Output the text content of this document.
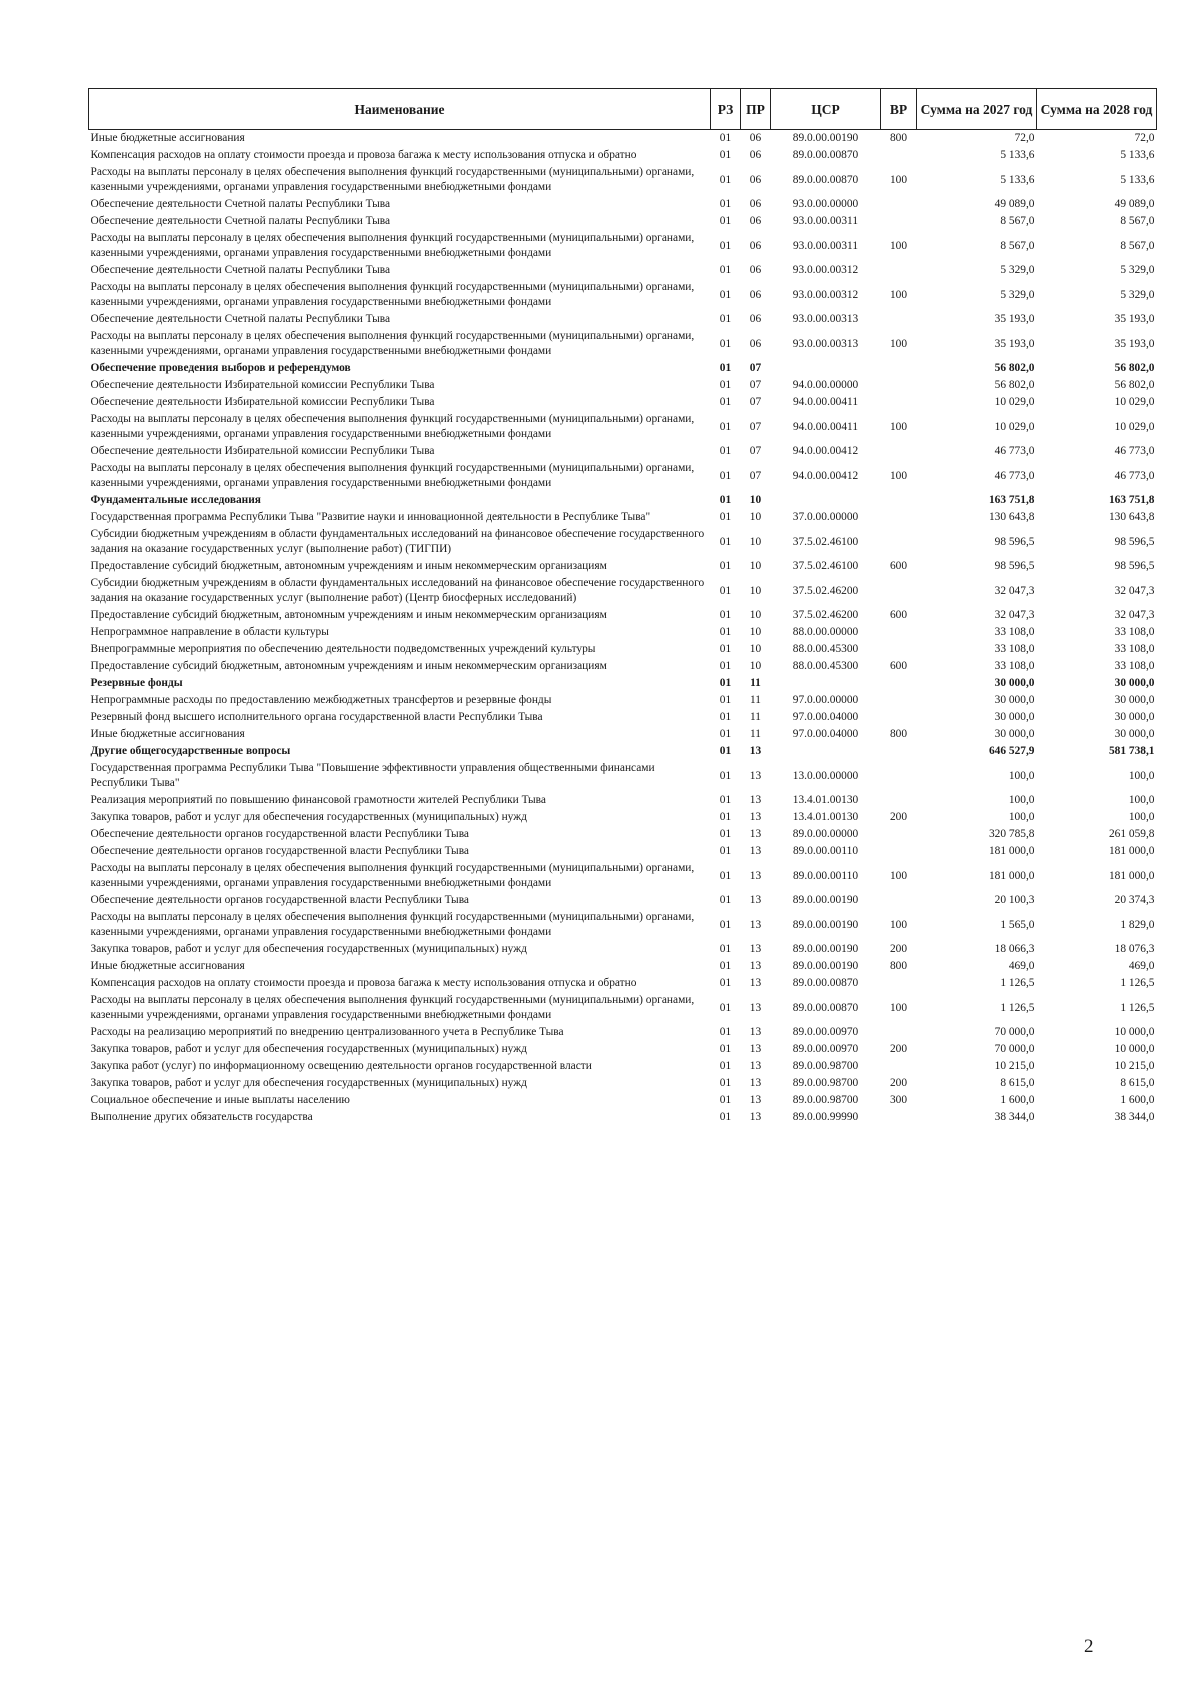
Наименование	РЗ	ПР	ЦСР	ВР	Сумма на 2027 год	Сумма на 2028 год
Иные бюджетные ассигнования	01	06	89.0.00.00190	800	72,0	72,0
Компенсация расходов на оплату стоимости проезда и провоза багажа к месту использования отпуска и обратно	01	06	89.0.00.00870		5 133,6	5 133,6
Расходы на выплаты персоналу в целях обеспечения выполнения функций государственными (муниципальными) органами, казенными учреждениями, органами управления государственными внебюджетными фондами	01	06	89.0.00.00870	100	5 133,6	5 133,6
Обеспечение деятельности Счетной палаты Республики Тыва	01	06	93.0.00.00000		49 089,0	49 089,0
Обеспечение деятельности Счетной палаты Республики Тыва	01	06	93.0.00.00311		8 567,0	8 567,0
Расходы на выплаты персоналу в целях обеспечения выполнения функций государственными (муниципальными) органами, казенными учреждениями, органами управления государственными внебюджетными фондами	01	06	93.0.00.00311	100	8 567,0	8 567,0
Обеспечение деятельности Счетной палаты Республики Тыва	01	06	93.0.00.00312		5 329,0	5 329,0
Расходы на выплаты персоналу в целях обеспечения выполнения функций государственными (муниципальными) органами, казенными учреждениями, органами управления государственными внебюджетными фондами	01	06	93.0.00.00312	100	5 329,0	5 329,0
Обеспечение деятельности Счетной палаты Республики Тыва	01	06	93.0.00.00313		35 193,0	35 193,0
Расходы на выплаты персоналу в целях обеспечения выполнения функций государственными (муниципальными) органами, казенными учреждениями, органами управления государственными внебюджетными фондами	01	06	93.0.00.00313	100	35 193,0	35 193,0
Обеспечение проведения выборов и референдумов	01	07			56 802,0	56 802,0
Обеспечение деятельности Избирательной комиссии Республики Тыва	01	07	94.0.00.00000		56 802,0	56 802,0
Обеспечение деятельности Избирательной комиссии Республики Тыва	01	07	94.0.00.00411		10 029,0	10 029,0
Расходы на выплаты персоналу в целях обеспечения выполнения функций государственными (муниципальными) органами, казенными учреждениями, органами управления государственными внебюджетными фондами	01	07	94.0.00.00411	100	10 029,0	10 029,0
Обеспечение деятельности Избирательной комиссии Республики Тыва	01	07	94.0.00.00412		46 773,0	46 773,0
Расходы на выплаты персоналу в целях обеспечения выполнения функций государственными (муниципальными) органами, казенными учреждениями, органами управления государственными внебюджетными фондами	01	07	94.0.00.00412	100	46 773,0	46 773,0
Фундаментальные исследования	01	10			163 751,8	163 751,8
Государственная программа Республики Тыва "Развитие науки и инновационной деятельности в Республике Тыва"	01	10	37.0.00.00000		130 643,8	130 643,8
Субсидии бюджетным учреждениям в области фундаментальных исследований на финансовое обеспечение государственного задания на оказание государственных услуг (выполнение работ) (ТИГПИ)	01	10	37.5.02.46100		98 596,5	98 596,5
Предоставление субсидий бюджетным, автономным учреждениям и иным некоммерческим организациям	01	10	37.5.02.46100	600	98 596,5	98 596,5
Субсидии бюджетным учреждениям в области фундаментальных исследований на финансовое обеспечение государственного задания на оказание государственных услуг (выполнение работ) (Центр биосферных исследований)	01	10	37.5.02.46200		32 047,3	32 047,3
Предоставление субсидий бюджетным, автономным учреждениям и иным некоммерческим организациям	01	10	37.5.02.46200	600	32 047,3	32 047,3
Непрограммное направление в области культуры	01	10	88.0.00.00000		33 108,0	33 108,0
Внепрограммные мероприятия по обеспечению деятельности подведомственных учреждений культуры	01	10	88.0.00.45300		33 108,0	33 108,0
Предоставление субсидий бюджетным, автономным учреждениям и иным некоммерческим организациям	01	10	88.0.00.45300	600	33 108,0	33 108,0
Резервные фонды	01	11			30 000,0	30 000,0
Непрограммные расходы по предоставлению межбюджетных трансфертов и резервные фонды	01	11	97.0.00.00000		30 000,0	30 000,0
Резервный фонд высшего исполнительного органа государственной власти Республики Тыва	01	11	97.0.00.04000		30 000,0	30 000,0
Иные бюджетные ассигнования	01	11	97.0.00.04000	800	30 000,0	30 000,0
Другие общегосударственные вопросы	01	13			646 527,9	581 738,1
Государственная программа Республики Тыва "Повышение эффективности управления общественными финансами Республики Тыва"	01	13	13.0.00.00000		100,0	100,0
Реализация мероприятий по повышению финансовой грамотности жителей Республики Тыва	01	13	13.4.01.00130		100,0	100,0
Закупка товаров, работ и услуг для обеспечения государственных (муниципальных) нужд	01	13	13.4.01.00130	200	100,0	100,0
Обеспечение деятельности органов государственной власти Республики Тыва	01	13	89.0.00.00000		320 785,8	261 059,8
Обеспечение деятельности органов государственной власти Республики Тыва	01	13	89.0.00.00110		181 000,0	181 000,0
Расходы на выплаты персоналу в целях обеспечения выполнения функций государственными (муниципальными) органами, казенными учреждениями, органами управления государственными внебюджетными фондами	01	13	89.0.00.00110	100	181 000,0	181 000,0
Обеспечение деятельности органов государственной власти Республики Тыва	01	13	89.0.00.00190		20 100,3	20 374,3
Расходы на выплаты персоналу в целях обеспечения выполнения функций государственными (муниципальными) органами, казенными учреждениями, органами управления государственными внебюджетными фондами	01	13	89.0.00.00190	100	1 565,0	1 829,0
Закупка товаров, работ и услуг для обеспечения государственных (муниципальных) нужд	01	13	89.0.00.00190	200	18 066,3	18 076,3
Иные бюджетные ассигнования	01	13	89.0.00.00190	800	469,0	469,0
Компенсация расходов на оплату стоимости проезда и провоза багажа к месту использования отпуска и обратно	01	13	89.0.00.00870		1 126,5	1 126,5
Расходы на выплаты персоналу в целях обеспечения выполнения функций государственными (муниципальными) органами, казенными учреждениями, органами управления государственными внебюджетными фондами	01	13	89.0.00.00870	100	1 126,5	1 126,5
Расходы на реализацию мероприятий по внедрению централизованного учета в Республике Тыва	01	13	89.0.00.00970		70 000,0	10 000,0
Закупка товаров, работ и услуг для обеспечения государственных (муниципальных) нужд	01	13	89.0.00.00970	200	70 000,0	10 000,0
Закупка работ (услуг) по информационному освещению деятельности органов государственной власти	01	13	89.0.00.98700		10 215,0	10 215,0
Закупка товаров, работ и услуг для обеспечения государственных (муниципальных) нужд	01	13	89.0.00.98700	200	8 615,0	8 615,0
Социальное обеспечение и иные выплаты населению	01	13	89.0.00.98700	300	1 600,0	1 600,0
Выполнение других обязательств государства	01	13	89.0.00.99990		38 344,0	38 344,0
2
